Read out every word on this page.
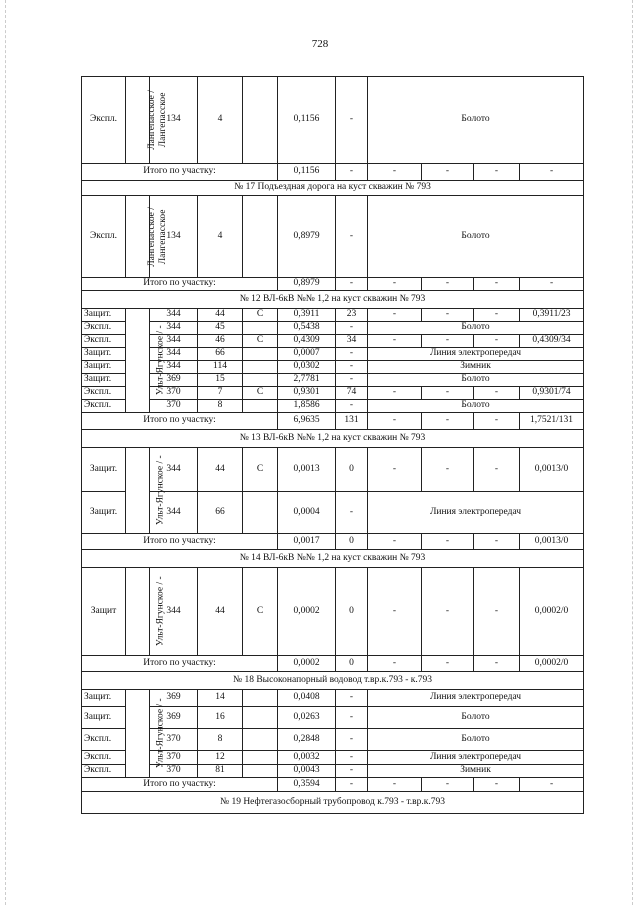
728
Экспл.	Лангепасское / Лангепасское	134	4		0,1156	-	Болото			
Итого по участку:					0,1156	-	-	-	-	-
№ 17 Подъездная дорога на куст скважин № 793										
Экспл.	Лангепасское / Лангепасское	134	4		0,8979	-	Болото			
Итого по участку:					0,8979	-	-	-	-	-
№ 12 ВЛ-6кВ №№ 1,2 на куст скважин № 793										
Защит.	Ульт-Ягунское / -	344	44	С	0,3911	23	-	-	-	0,3911/23
Экспл.		344	45		0,5438	-	Болото			
Экспл.		344	46	С	0,4309	34	-	-	-	0,4309/34
Защит.		344	66		0,0007	-	Линия электропередач			
Защит.		344	114		0,0302	-	Зимник			
Защит.		369	15		2,7781	-	Болото			
Экспл.		370	7	С	0,9301	74	-	-	-	0,9301/74
Экспл.		370	8		1,8586	-	Болото			
Итого по участку:					6,9635	131	-	-	-	1,7521/131
№ 13 ВЛ-6кВ №№ 1,2 на куст скважин № 793										
Защит.	Ульт-Ягунское / -	344	44	С	0,0013	0	-	-	-	0,0013/0
Защит.		344	66		0,0004	-	Линия электропередач			
Итого по участку:					0,0017	0	-	-	-	0,0013/0
№ 14 ВЛ-6кВ №№ 1,2 на куст скважин № 793										
Защит	Ульт-Ягунское / -	344	44	С	0,0002	0	-	-	-	0,0002/0
Итого по участку:					0,0002	0	-	-	-	0,0002/0
№ 18 Высоконапорный водовод т.вр.к.793 - к.793										
Защит.	Ульт-Ягунское / -	369	14		0,0408	-	Линия электропередач			
Защит.		369	16		0,0263	-	Болото			
Экспл.		370	8		0,2848	-	Болото			
Экспл.		370	12		0,0032	-	Линия электропередач			
Экспл.		370	81		0,0043	-	Зимник			
Итого по участку:					0,3594	-	-	-	-	-
№ 19 Нефтегазосборный трубопровод к.793 - т.вр.к.793										
